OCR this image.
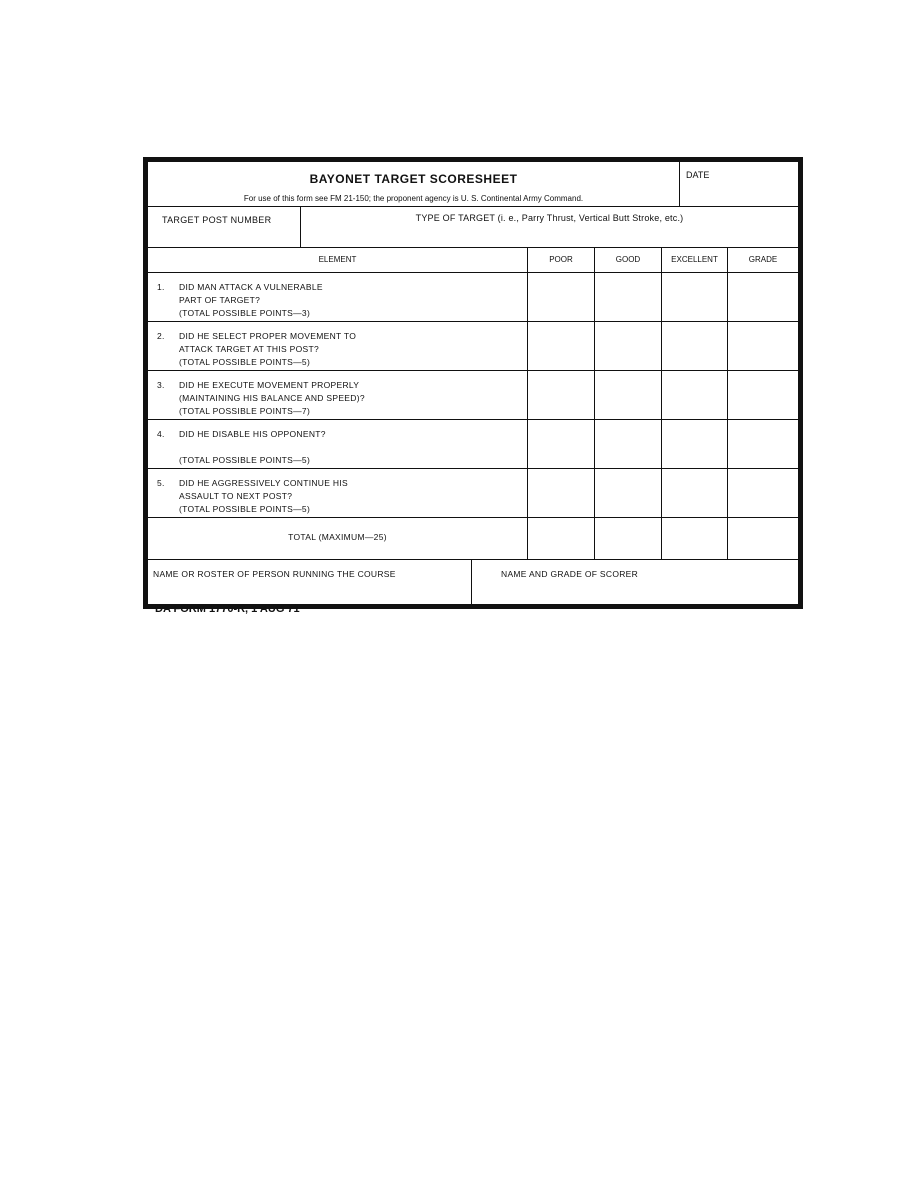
BAYONET TARGET SCORESHEET
For use of this form see FM 21-150; the proponent agency is U. S. Continental Army Command.
DATE
TARGET POST NUMBER	TYPE OF TARGET (i. e., Parry Thrust, Vertical Butt Stroke, etc.)
ELEMENT	POOR	GOOD	EXCELLENT	GRADE
1. DID MAN ATTACK A VULNERABLE
PART OF TARGET?
(TOTAL POSSIBLE POINTS—3)
2. DID HE SELECT PROPER MOVEMENT TO
ATTACK TARGET AT THIS POST?
(TOTAL POSSIBLE POINTS—5)
3. DID HE EXECUTE MOVEMENT PROPERLY
(MAINTAINING HIS BALANCE AND SPEED)?
(TOTAL POSSIBLE POINTS—7)
4. DID HE DISABLE HIS OPPONENT?
(TOTAL POSSIBLE POINTS—5)
5. DID HE AGGRESSIVELY CONTINUE HIS
ASSAULT TO NEXT POST?
(TOTAL POSSIBLE POINTS—5)
TOTAL (MAXIMUM—25)
NAME OR ROSTER OF PERSON RUNNING THE COURSE	NAME AND GRADE OF SCORER
DA FORM 1770-R, 1 AUG 71
